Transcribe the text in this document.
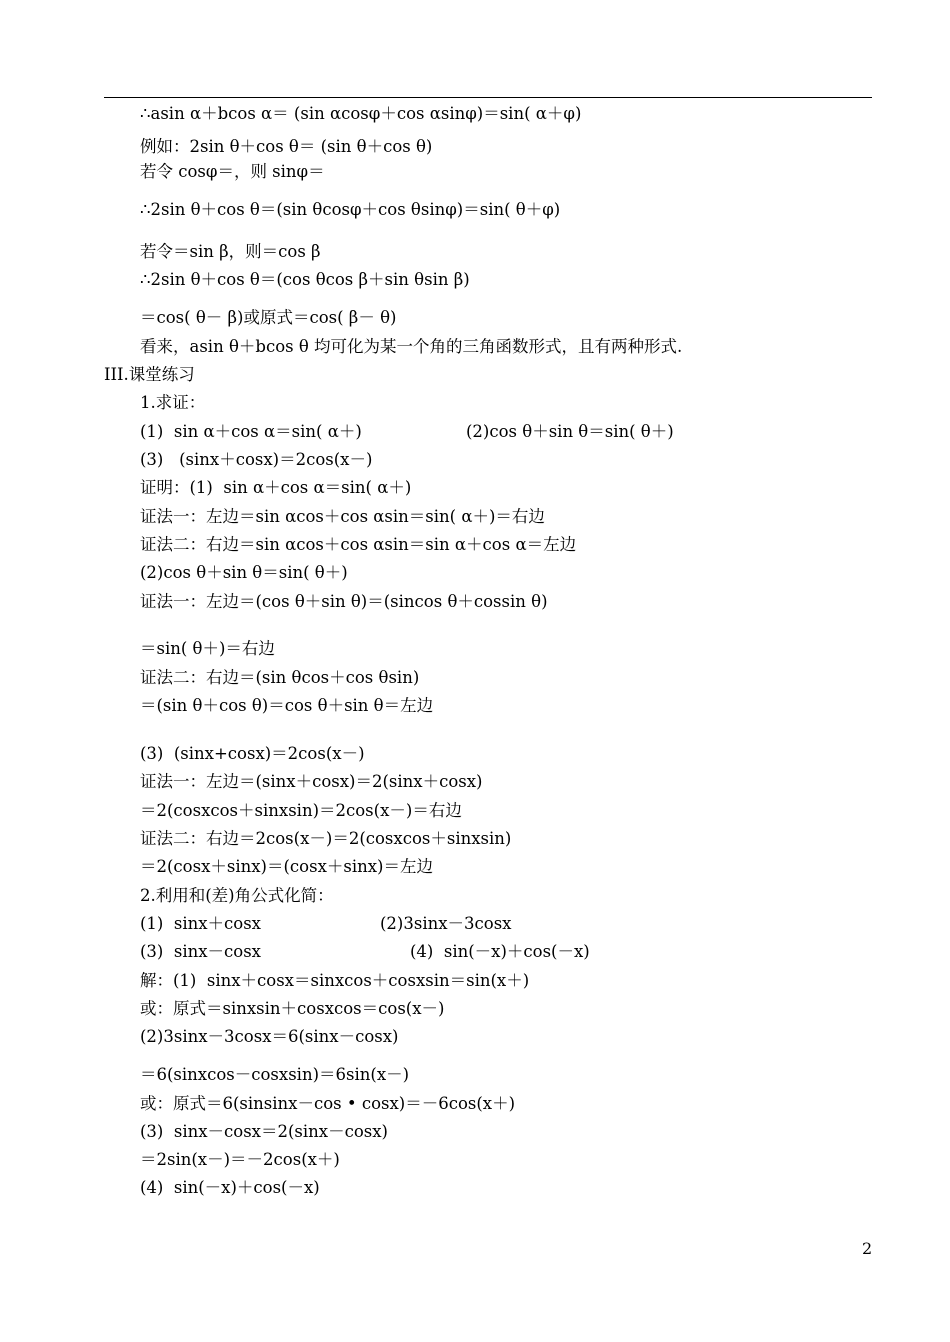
∴asin α＋bcos α＝ (sin αcosφ＋cos αsinφ)＝sin( α＋φ)
例如：2sin θ＋cos θ＝ (sin θ＋cos θ)
若令 cosφ＝，则 sinφ＝
∴2sin θ＋cos θ＝(sin θcosφ＋cos θsinφ)＝sin( θ＋φ)
若令＝sin β，则＝cos β
∴2sin θ＋cos θ＝(cos θcos β＋sin θsin β)
＝cos( θ－ β)或原式＝cos( β－ θ)
看来，asin θ＋bcos θ 均可化为某一个角的三角函数形式，且有两种形式.
III.课堂练习
1.求证：
(1)  sin α＋cos α＝sin( α＋)	(2)cos θ＋sin θ＝sin( θ＋)
(3)   (sinx＋cosx)＝2cos(x－)
证明：(1)  sin α＋cos α＝sin( α＋)
证法一：左边＝sin αcos＋cos αsin＝sin( α＋)＝右边
证法二：右边＝sin αcos＋cos αsin＝sin α＋cos α＝左边
(2)cos θ＋sin θ＝sin( θ＋)
证法一：左边＝(cos θ＋sin θ)＝(sincos θ＋cossin θ)
＝sin( θ＋)＝右边
证法二：右边＝(sin θcos＋cos θsin)
＝(sin θ＋cos θ)＝cos θ＋sin θ＝左边
(3)  (sinx+cosx)＝2cos(x－)
证法一：左边＝(sinx＋cosx)＝2(sinx＋cosx)
＝2(cosxcos＋sinxsin)＝2cos(x－)＝右边
证法二：右边＝2cos(x－)＝2(cosxcos＋sinxsin)
＝2(cosx＋sinx)＝(cosx＋sinx)＝左边
2.利用和(差)角公式化简：
(1)  sinx＋cosx	(2)3sinx－3cosx
(3)  sinx－cosx	(4)  sin(－x)＋cos(－x)
解：(1)  sinx＋cosx＝sinxcos＋cosxsin＝sin(x＋)
或：原式＝sinxsin＋cosxcos＝cos(x－)
(2)3sinx－3cosx＝6(sinx－cosx)
＝6(sinxcos－cosxsin)＝6sin(x－)
或：原式＝6(sinsinx－cos • cosx)＝－6cos(x＋)
(3)  sinx－cosx＝2(sinx－cosx)
＝2sin(x－)＝－2cos(x＋)
(4)  sin(－x)＋cos(－x)
2
